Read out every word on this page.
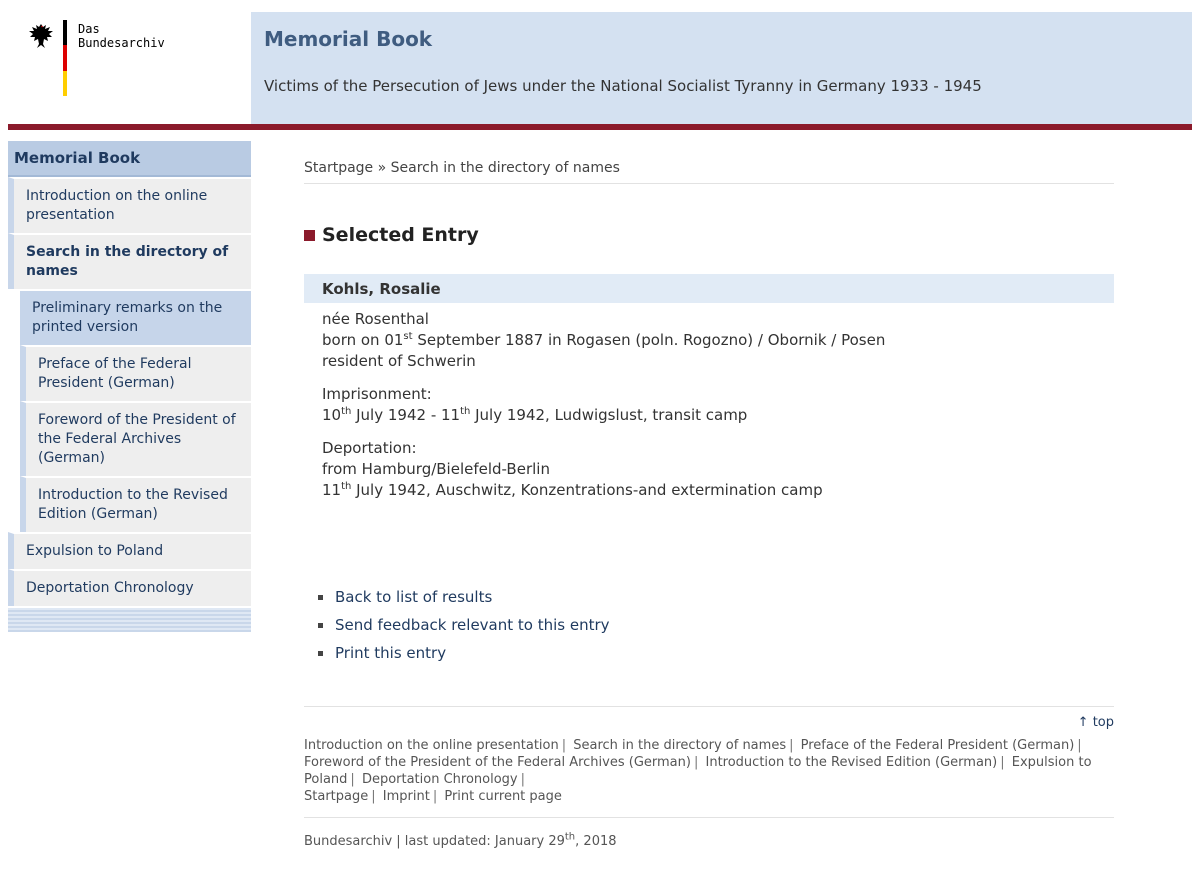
Das
Bundesarchiv	Memorial Book

Victims of the Persecution of Jews under the National Socialist Tyranny in Germany 1933 - 1945

Memorial Book
Introduction on the online presentation
Search in the directory of names
Preliminary remarks on the printed version
Preface of the Federal President (German)
Foreword of the President of the Federal Archives (German)
Introduction to the Revised Edition (German)
Expulsion to Poland
Deportation Chronology
Startpage » Search in the directory of names
Selected Entry
Kohls, Rosalie
née Rosenthal
born on 01st September 1887 in Rogasen (poln. Rogozno) / Obornik / Posen
resident of Schwerin
Imprisonment:
10th July 1942 - 11th July 1942, Ludwigslust, transit camp
Deportation:
from Hamburg/Bielefeld-Berlin
11th July 1942, Auschwitz, Konzentrations-and extermination camp
Back to list of results
Send feedback relevant to this entry
Print this entry
↑ top
Introduction on the online presentation | Search in the directory of names | Preface of the Federal President (German) | Foreword of the President of the Federal Archives (German) | Introduction to the Revised Edition (German) | Expulsion to Poland | Deportation Chronology |
Startpage | Imprint | Print current page
Bundesarchiv | last updated: January 29th, 2018
